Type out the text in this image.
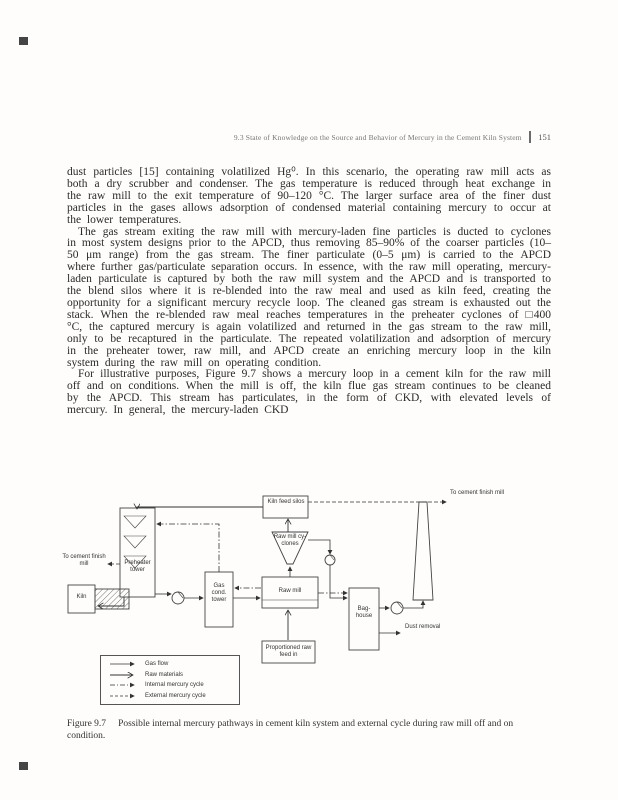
9.3 State of Knowledge on the Source and Behavior of Mercury in the Cement Kiln System 151

dust particles [15] containing volatilized Hg⁰. In this scenario, the operating raw mill acts as both a dry scrubber and condenser. The gas temperature is reduced through heat exchange in the raw mill to the exit temperature of 90–120 °C. The larger surface area of the finer dust particles in the gases allows adsorption of condensed material containing mercury to occur at the lower temperatures.

The gas stream exiting the raw mill with mercury-laden fine particles is ducted to cyclones in most system designs prior to the APCD, thus removing 85–90% of the coarser particles (10–50 μm range) from the gas stream. The finer particulate (0–5 μm) is carried to the APCD where further gas/particulate separation occurs. In essence, with the raw mill operating, mercury-laden particulate is captured by both the raw mill system and the APCD and is transported to the blend silos where it is re-blended into the raw meal and used as kiln feed, creating the opportunity for a significant mercury recycle loop. The cleaned gas stream is exhausted out the stack. When the re-blended raw meal reaches temperatures in the preheater cyclones of □400 °C, the captured mercury is again volatilized and returned in the gas stream to the raw mill, only to be recaptured in the particulate. The repeated volatilization and adsorption of mercury in the preheater tower, raw mill, and APCD create an enriching mercury loop in the kiln system during the raw mill on operating condition.

For illustrative purposes, Figure 9.7 shows a mercury loop in a cement kiln for the raw mill off and on conditions. When the mill is off, the kiln flue gas stream continues to be cleaned by the APCD. This stream has particulates, in the form of CKD, with elevated levels of mercury. In general, the mercury-laden CKD

Kiln feed silos
To cement finish mill
Preheater tower
Raw mill cy- clones
Gas cond. tower
Raw mill
Bag- house
Kiln
To cement finish mill
Dust removal
Proportioned raw feed in
Gas flow
Raw materials
Internal mercury cycle
External mercury cycle

Figure 9.7 Possible internal mercury pathways in cement kiln system and external cycle during raw mill off and on condition.
